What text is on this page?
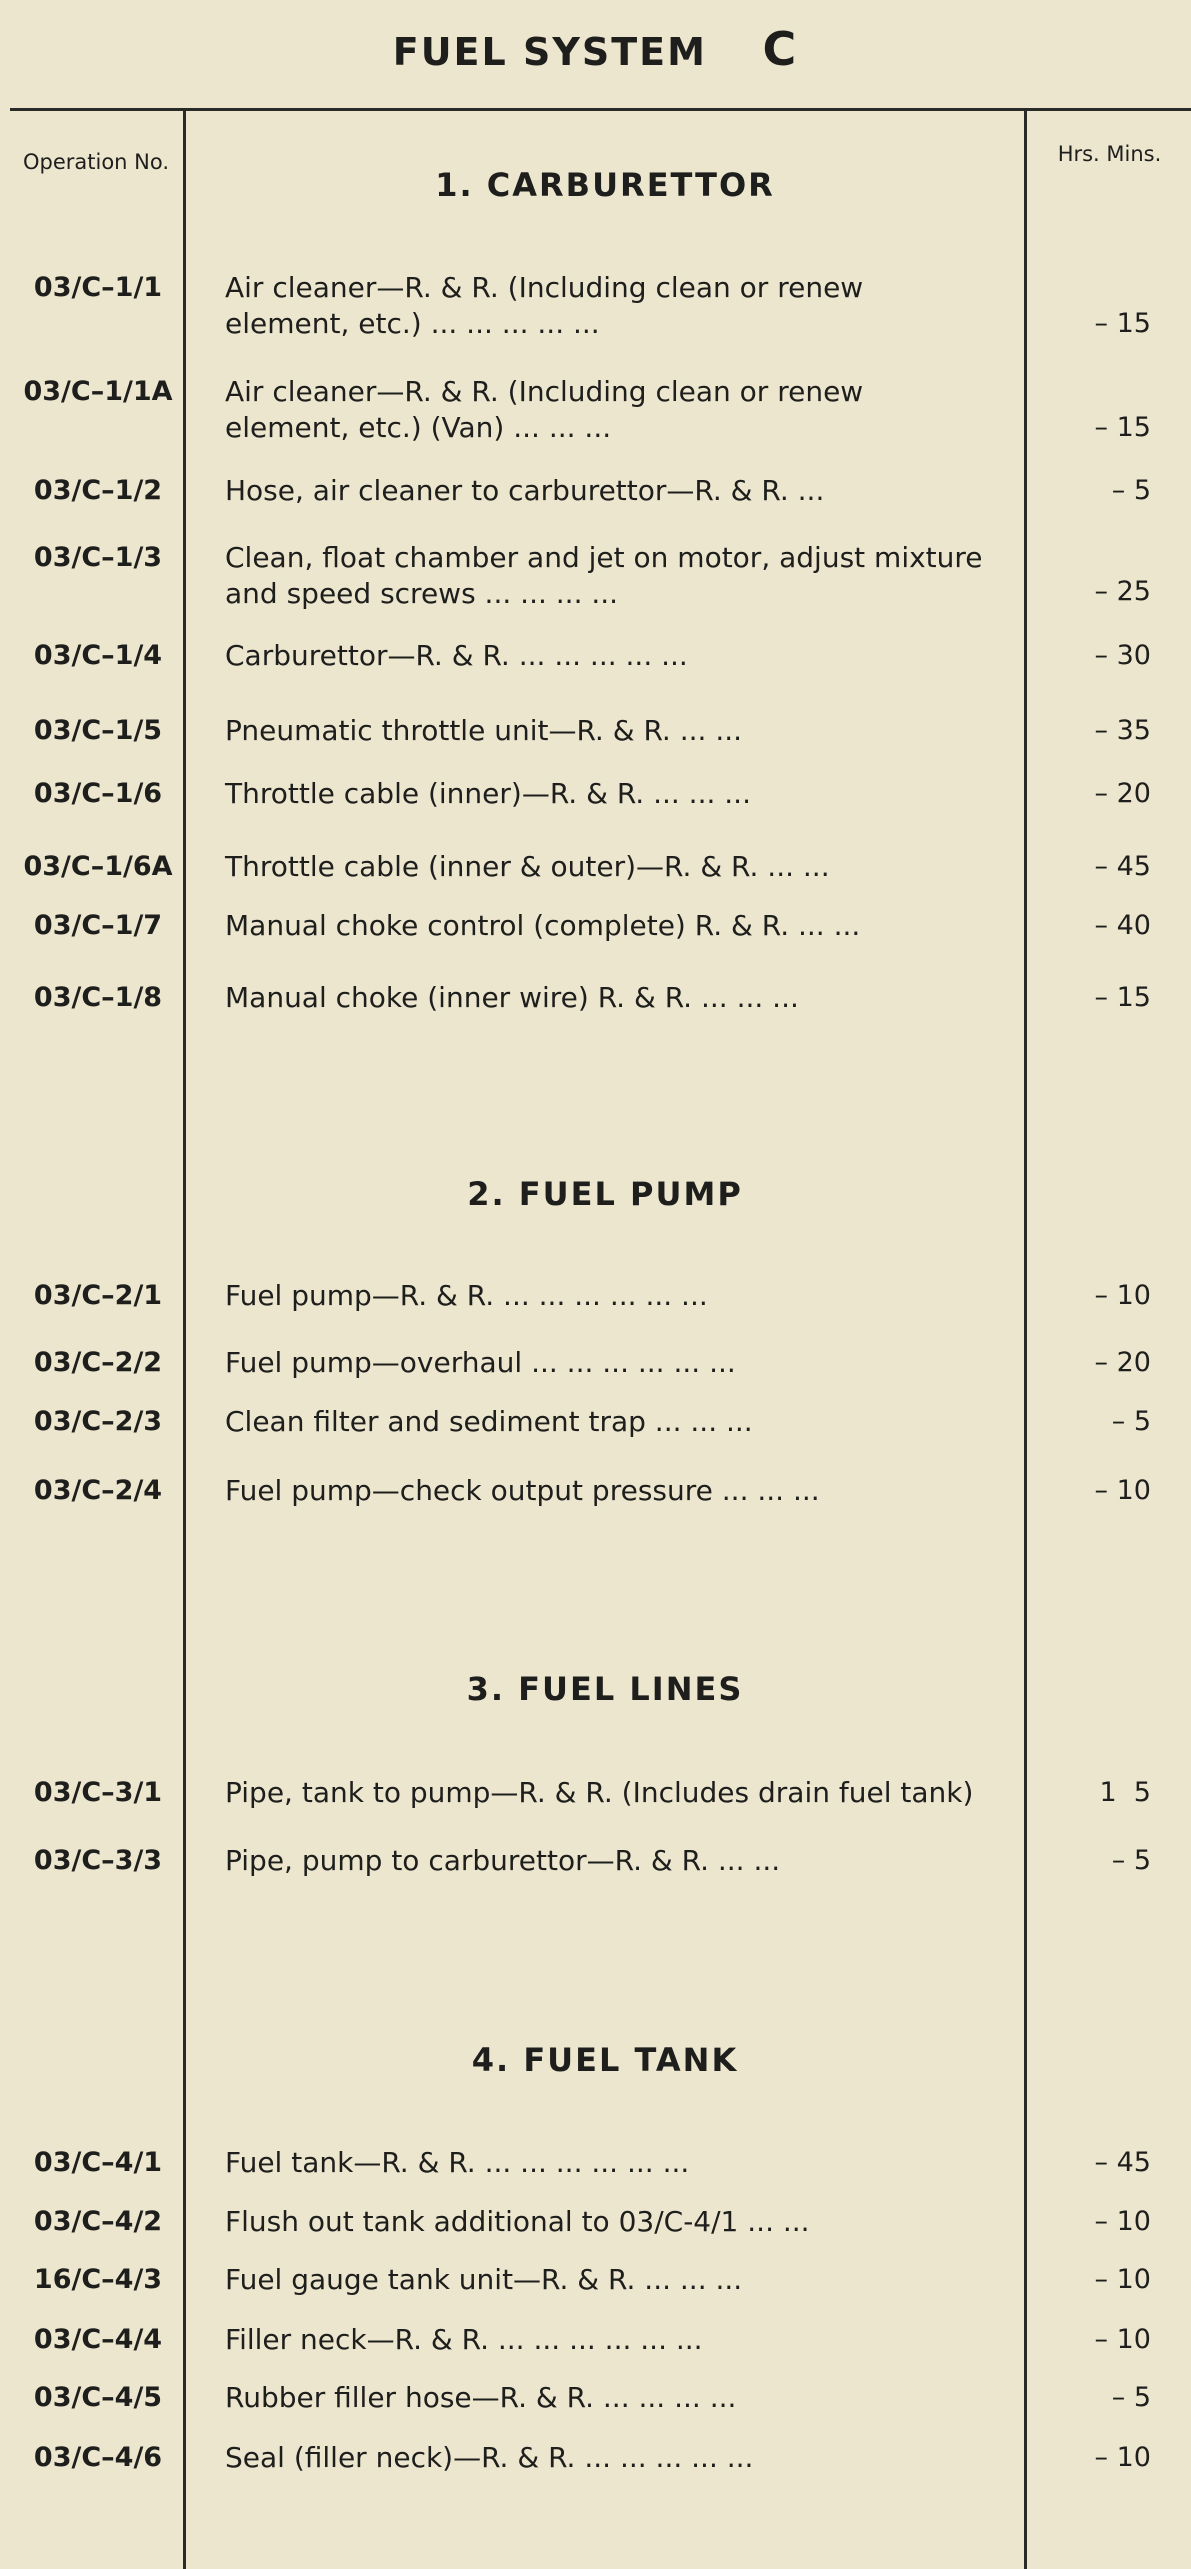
FUEL SYSTEM C
Operation No.	Hrs. Mins.
1. CARBURETTOR
03/C–1/1	Air cleaner—R. & R. (Including clean or renew element, etc.) ... ... ... ... ...	– 15
03/C–1/1A	Air cleaner—R. & R. (Including clean or renew element, etc.) (Van) ... ... ...	– 15
03/C–1/2	Hose, air cleaner to carburettor—R. & R. ...	– 5
03/C–1/3	Clean, float chamber and jet on motor, adjust mixture and speed screws ... ... ... ...	– 25
03/C–1/4	Carburettor—R. & R. ... ... ... ... ...	– 30
03/C–1/5	Pneumatic throttle unit—R. & R. ... ...	– 35
03/C–1/6	Throttle cable (inner)—R. & R. ... ... ...	– 20
03/C–1/6A	Throttle cable (inner & outer)—R. & R. ... ...	– 45
03/C–1/7	Manual choke control (complete) R. & R. ... ...	– 40
03/C–1/8	Manual choke (inner wire) R. & R. ... ... ...	– 15
2. FUEL PUMP
03/C–2/1	Fuel pump—R. & R. ... ... ... ... ... ...	– 10
03/C–2/2	Fuel pump—overhaul ... ... ... ... ... ...	– 20
03/C–2/3	Clean filter and sediment trap ... ... ...	– 5
03/C–2/4	Fuel pump—check output pressure ... ... ...	– 10
3. FUEL LINES
03/C–3/1	Pipe, tank to pump—R. & R. (Includes drain fuel tank)	1  5
03/C–3/3	Pipe, pump to carburettor—R. & R. ... ...	– 5
4. FUEL TANK
03/C–4/1	Fuel tank—R. & R. ... ... ... ... ... ...	– 45
03/C–4/2	Flush out tank additional to 03/C-4/1 ... ...	– 10
16/C–4/3	Fuel gauge tank unit—R. & R. ... ... ...	– 10
03/C–4/4	Filler neck—R. & R. ... ... ... ... ... ...	– 10
03/C–4/5	Rubber filler hose—R. & R. ... ... ... ...	– 5
03/C–4/6	Seal (filler neck)—R. & R. ... ... ... ... ...	– 10
